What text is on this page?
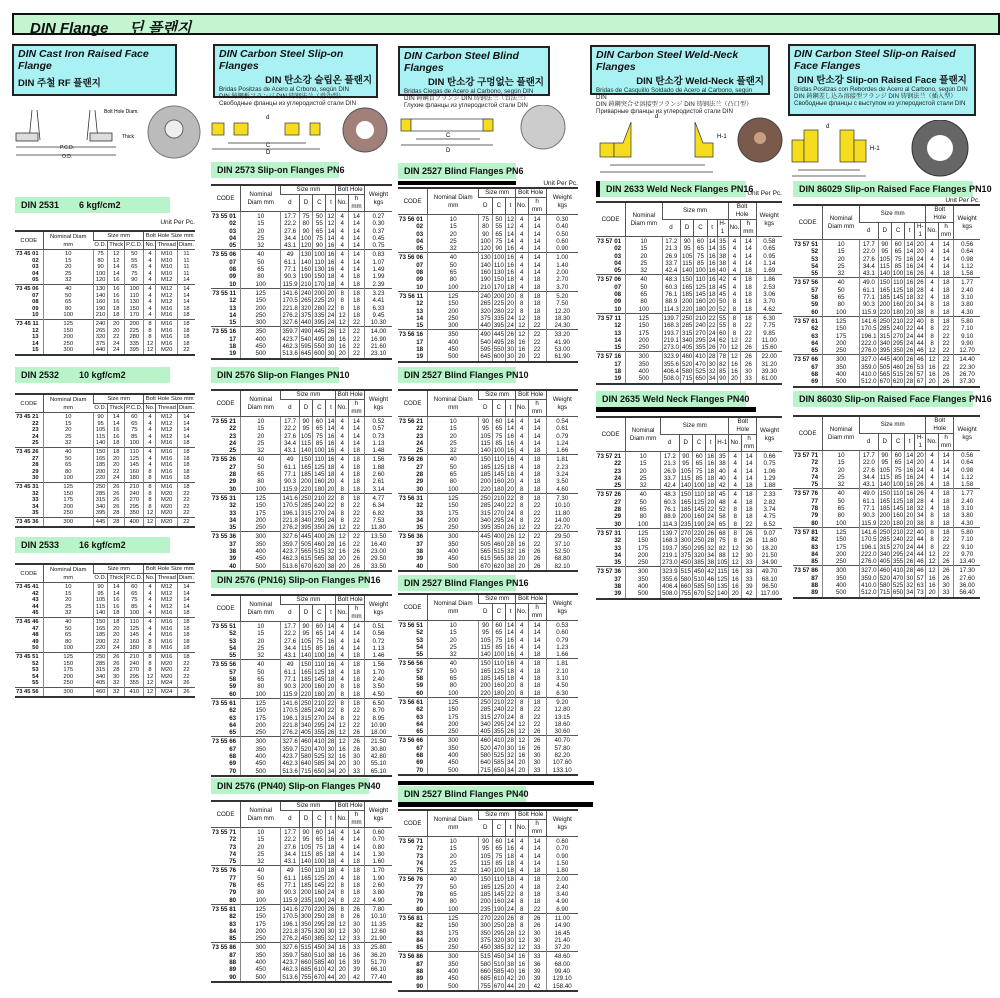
DIN Flange     딘 플랜지
DIN Cast Iron Raised Face Flange
DIN 주철 RF 플랜지
DIN Carbon Steel Slip-on Flanges
DIN 탄소강 슬립온 플랜지
Bridas Positzas de Acero al Crbono, según DIN
DIN 鋳鋼板フランジ DIN 铸钢法兰（滑动型）
Свободные фланцы из углеродистой стали DIN
DIN Carbon Steel Blind Flanges
DIN 탄소강 구멍없는 플랜지
Bridas Ciegas de Acero al Carbono, según DIN
DIN 鋳鋼盲フランジ DIN 铸钢法兰（盲法兰）
Глухие фланцы из углеродистой стали DIN
DIN Carbon Steel Weld-Neck Flanges
DIN 탄소강 Weld-Neck 플랜지
Bridas de Casquillo Soldado de Acero al Carbono, según DIN
DIN 鋳鋼突合せ溶接型フランジ DIN 铸钢法兰（凸口型）
Приварные фланцы из углеродистой стали DIN
DIN Carbon Steel Slip-on Raised Face Flanges
DIN 탄소강 Slip-on Raised Face 플랜지
Bridas Positzas con Rebordes de Acero al Carbono, según DIN
DIN 鋳鋼差し込み溶接型フランジ DIN 铸钢法兰（插入型）
Свободные фланцы с выступом из углеродистой стали DIN
Bolt Hole Diam.
Thick
P.C.D.
O.D.
C
D
d
C
D
d
H-1
d
H-1
DIN 2531 6 kgf/cm2
Unit Per Pc.
CODE	Nominal Diam mm	Size mm			Bolt Hole Size mm		
		O.D.	Thick	P.C.D.	No.	Thread	Diam.
73 45 01	10	75	12	50	4	M10	11
02	15	80	12	55	4	M10	11
03	20	90	14	65	4	M10	11
04	25	100	14	75	4	M10	11
05	32	120	16	90	4	M12	14
73 45 06	40	130	16	100	4	M12	14
07	50	140	16	110	4	M12	14
08	65	160	16	130	4	M12	14
09	80	190	18	150	4	M16	18
10	100	210	18	170	4	M16	18
73 45 11	125	240	20	200	8	M16	18
12	150	265	20	225	8	M16	18
13	200	320	22	280	8	M16	18
14	250	375	24	335	12	M16	18
15	300	440	24	395	12	M20	22
DIN 2532 10 kgf/cm2
CODE	Nominal Diam mm	Size mm			Bolt Hole Size mm		
		O.D.	Thick	P.C.D.	No.	Thread	Diam.
73 45 21	10	90	14	60	4	M12	14
22	15	95	14	65	4	M12	14
23	20	105	16	75	4	M12	14
24	25	115	16	85	4	M12	14
25	32	140	18	100	4	M16	18
73 45 26	40	150	18	110	4	M16	18
27	50	165	20	125	4	M16	18
28	65	185	20	145	4	M16	18
29	80	200	22	160	8	M16	18
30	100	220	24	180	8	M16	18
73 45 31	125	250	26	210	8	M16	18
32	150	285	26	240	8	M20	22
33	175	315	26	270	8	M20	22
34	200	340	26	295	8	M20	22
35	250	395	28	350	12	M20	22
73 45 36	300	445	28	400	12	M20	22
DIN 2533 16 kgf/cm2
CODE	Nominal Diam mm	Size mm			Bolt Hole Size mm		
		O.D.	Thick	P.C.D.	No.	Thread	Diam.
73 45 41	10	90	14	60	4	M12	14
42	15	95	14	65	4	M12	14
43	20	105	16	75	4	M12	14
44	25	115	16	85	4	M12	14
45	32	140	18	100	4	M16	18
73 45 46	40	150	18	110	4	M16	18
47	50	165	20	125	4	M16	18
48	65	185	20	145	4	M16	18
49	80	200	22	160	8	M16	18
50	100	220	24	180	8	M16	18
73 45 51	125	250	26	210	8	M16	18
52	150	285	26	240	8	M20	22
53	175	315	28	270	8	M20	22
54	200	340	30	295	12	M20	22
55	250	405	32	355	12	M24	26
73 45 56	300	460	32	410	12	M24	26
DIN 2573 Slip-on Flanges PN6
CODE	Nominal Diam mm	Size mm				Bolt Hole		Weight kgs
		d	D	C	t	No.	h mm	
73 55 01	10	17.7	75	50	12	4	14	0.27
02	15	22.2	80	55	12	4	14	0.30
03	20	27.6	90	65	14	4	14	0.37
04	25	34.4	100	75	14	4	14	0.45
05	32	43.1	120	90	16	4	14	0.75
73 55 06	40	49	130	100	16	4	14	0.83
07	50	61.1	140	110	16	4	14	1.07
08	65	77.1	160	130	16	4	14	1.49
09	80	90.3	190	150	18	4	18	1.99
10	100	115.9	210	170	18	4	18	2.39
73 55 11	125	141.6	240	200	20	8	18	3.23
12	150	170.5	265	225	20	8	18	4.41
13	200	221.8	320	280	22	8	18	6.33
14	250	276.2	375	335	24	12	18	9.45
15	300	327.6	440	395	24	12	22	10.30
73 55 16	350	359.7	490	445	26	12	22	14.00
17	400	423.7	540	495	28	16	22	16.90
18	450	462.3	595	550	30	16	22	21.60
19	500	513.6	645	600	30	20	22	23.10
DIN 2576 Slip-on Flanges PN10
CODE	Nominal Diam mm	Size mm				Bolt Hole		Weight kgs
		d	D	C	t	No.	h mm	
73 55 21	10	17.7	90	60	14	4	14	0.52
22	15	22.2	95	65	14	4	14	0.57
23	20	27.6	105	75	16	4	14	0.73
24	25	34.4	115	85	16	4	14	1.13
25	32	43.1	140	100	16	4	18	1.48
73 55 26	40	49	150	110	16	4	18	1.56
27	50	61.1	165	125	18	4	18	1.88
28	65	77.1	185	145	18	4	18	2.60
29	80	90.3	200	160	20	4	18	2.61
30	100	115.9	220	180	20	8	18	3.14
73 55 31	125	141.6	250	210	22	8	18	4.77
32	150	170.5	285	240	22	8	22	6.34
33	175	196.1	315	270	24	8	22	6.82
34	200	221.8	340	295	24	8	22	7.53
35	250	276.2	395	350	26	12	22	11.80
73 55 36	300	327.6	445	400	26	12	22	13.50
37	350	359.7	505	460	28	16	22	16.40
38	400	423.7	565	515	32	16	26	23.00
39	450	462.3	615	565	38	20	26	29.50
40	500	513.6	670	620	38	20	26	33.50
DIN 2576 (PN16) Slip-on Flanges PN16
CODE	Nominal Diam mm	Size mm				Bolt Hole		Weight kgs
		d	D	C	t	No.	h mm	
73 55 51	10	17.7	90	60	14	4	14	0.51
52	15	22.2	95	65	14	4	14	0.56
53	20	27.6	105	75	16	4	14	0.72
54	25	34.4	115	85	16	4	14	1.13
55	32	43.1	140	100	16	4	18	1.46
73 55 56	40	49	150	110	16	4	18	1.56
57	50	61.1	165	125	18	4	18	1.70
58	65	77.1	185	145	18	4	18	2.40
59	80	90.3	200	160	20	8	18	3.50
60	100	115.9	220	180	20	8	18	4.50
73 55 61	125	141.6	250	210	22	8	18	6.50
62	150	170.5	285	240	22	8	22	8.70
63	175	196.1	315	270	24	8	22	8.95
64	200	221.8	340	295	24	12	22	10.90
65	250	276.2	405	355	26	12	26	18.00
73 55 66	300	327.6	460	410	28	12	26	21.50
67	350	359.7	520	470	30	16	26	30.80
68	400	423.7	580	525	32	16	30	42.80
69	450	462.3	640	585	34	20	30	55.10
70	500	513.6	715	650	34	20	33	65.10
DIN 2576 (PN40) Slip-on Flanges PN40
CODE	Nominal Diam mm	Size mm				Bolt Hole		Weight kgs
		d	D	C	t	No.	h mm	
73 55 71	10	17.7	90	60	14	4	14	0.60
72	15	22.2	95	65	16	4	14	0.70
73	20	27.6	105	75	18	4	14	0.80
74	25	34.4	115	85	18	4	14	1.30
75	32	43.1	140	100	18	4	18	1.60
73 55 76	40	49	150	110	18	4	18	1.70
77	50	61.1	165	125	20	4	18	1.90
78	65	77.1	185	145	22	8	18	2.60
79	80	90.3	200	160	24	8	18	3.80
80	100	115.9	235	190	24	8	22	4.90
73 55 81	125	141.6	270	220	26	8	26	7.80
82	150	170.5	300	250	28	8	26	10.10
83	175	196.1	350	295	28	12	30	11.35
84	200	221.8	375	320	30	12	30	12.60
85	250	276.2	450	385	32	12	33	21.90
73 55 86	300	327.6	515	450	34	16	33	25.80
87	350	359.7	580	510	38	16	36	36.20
88	400	423.7	660	585	40	16	39	51.70
89	450	462.3	685	610	42	20	39	66.10
90	500	513.6	755	670	44	20	42	77.40
DIN 2527 Blind Flanges PN6
Unit Per Pc.
CODE	Nominal Diam mm	Size mm			Bolt Hole		Weight kgs
		D	C	t	No.	h mm	
73 56 01	10	75	50	12	4	14	0.30
02	15	80	55	12	4	14	0.40
03	20	90	65	14	4	14	0.50
04	25	100	75	14	4	14	0.60
05	32	120	90	16	4	14	0.90
73 56 06	40	130	100	16	4	14	1.00
07	50	140	110	16	4	14	1.40
08	65	160	130	16	4	14	2.00
09	80	190	150	18	4	18	2.70
10	100	210	170	18	4	18	3.70
73 56 11	125	240	200	20	8	18	5.20
12	150	265	225	20	8	18	7.50
13	200	320	280	22	8	18	12.20
14	250	375	335	24	12	18	18.30
15	300	440	395	24	12	22	24.30
73 56 16	350	490	445	26	12	22	33.20
17	400	540	495	28	16	22	41.90
18	450	595	550	30	16	22	53.00
19	500	645	600	30	20	22	61.90
DIN 2527 Blind Flanges PN10
CODE	Nominal Diam mm	Size mm			Bolt Hole		Weight kgs
		D	C	t	No.	h mm	
73 56 21	10	90	60	14	4	14	0.54
22	15	95	65	14	4	14	0.61
23	20	105	75	16	4	14	0.79
24	25	115	85	16	4	14	1.24
25	32	140	100	16	4	18	1.66
73 56 26	40	150	110	16	4	18	1.81
27	50	165	125	18	4	18	2.23
28	65	185	145	18	4	18	3.24
29	80	200	160	20	4	18	3.50
30	100	220	180	20	8	18	4.60
73 56 31	125	250	210	22	8	18	7.30
32	150	285	240	22	8	22	10.10
33	175	315	270	24	8	22	11.80
34	200	340	295	24	8	22	14.00
35	250	395	350	26	12	22	22.70
73 56 36	300	445	400	26	12	22	29.50
37	350	505	460	28	16	22	37.10
38	400	565	515	32	16	26	52.50
39	450	615	565	38	20	26	68.80
40	500	670	620	38	20	26	82.10
DIN 2527 Blind Flanges PN16
CODE	Nominal Diam mm	Size mm			Bolt Hole		Weight kgs
		D	C	t	No.	h mm	
73 56 51	10	90	60	14	4	14	0.53
52	15	95	65	14	4	14	0.60
53	20	105	75	16	4	14	0.79
54	25	115	85	16	4	14	1.23
55	32	140	100	16	4	18	1.66
73 56 56	40	150	110	16	4	18	1.81
57	50	165	125	18	4	18	2.10
58	65	185	145	18	4	18	3.10
59	80	200	160	20	8	18	4.50
60	100	220	180	20	8	18	6.30
73 56 61	125	250	210	22	8	18	9.20
62	150	285	240	22	8	22	12.80
63	175	315	270	24	8	22	13.15
64	200	340	295	24	12	22	18.60
65	250	405	355	26	12	26	30.60
73 56 66	300	460	410	28	12	26	40.70
67	350	520	470	30	16	26	57.80
68	400	580	525	32	16	30	82.20
69	450	640	585	34	20	30	107.60
70	500	715	650	34	20	33	133.10
DIN 2527 Blind Flanges PN40
CODE	Nominal Diam mm	Size mm			Bolt Hole		Weight kgs
		D	C	t	No.	h mm	
73 56 71	10	90	60	14	4	14	0.60
72	15	95	65	16	4	14	0.70
73	20	105	75	18	4	14	0.90
74	25	115	85	18	4	14	1.50
75	32	140	100	18	4	18	1.80
73 56 76	40	150	110	18	4	18	2.00
77	50	165	125	20	4	18	2.40
78	65	185	145	22	8	18	3.40
79	80	200	160	24	8	18	4.90
80	100	235	190	24	8	22	6.90
73 56 81	125	270	220	26	8	26	11.00
82	150	300	250	28	8	26	14.90
83	175	350	295	28	12	30	16.45
84	200	375	320	30	12	30	21.40
85	250	450	385	32	12	33	37.20
73 56 86	300	515	450	34	16	33	48.60
87	350	580	510	38	16	36	68.00
88	400	660	585	40	16	39	99.40
89	450	685	610	42	20	39	129.10
90	500	755	670	44	20	42	158.40
DIN 2633 Weld Neck Flanges PN16
Unit Per Pc.
CODE	Nominal Diam mm	Size mm					Bolt Hole		Weight kgs
		d	D	C	t	H-1	No.	h mm	
73 57 01	10	17.2	90	60	14	35	4	14	0.58
02	15	21.3	95	65	14	35	4	14	0.65
03	20	26.9	105	75	16	38	4	14	0.95
04	25	33.7	115	85	16	38	4	14	1.14
05	32	42.4	140	100	16	40	4	18	1.69
73 57 06	40	48.3	150	110	16	42	4	18	1.86
07	50	60.3	165	125	18	45	4	18	2.53
08	65	76.1	185	145	18	45	4	18	3.06
09	80	88.9	200	160	20	50	8	18	3.70
10	100	114.3	220	180	20	52	8	18	4.62
73 57 11	125	139.7	250	210	22	55	8	18	6.30
12	150	168.3	285	240	22	55	8	22	7.75
13	175	193.7	315	270	24	60	8	22	9.85
14	200	219.1	340	295	24	62	12	22	11.00
15	250	273.0	405	355	26	70	12	26	15.60
73 57 16	300	323.9	460	410	28	78	12	26	22.00
17	350	355.6	520	470	30	82	16	26	31.20
18	400	406.4	580	525	32	85	16	30	39.30
19	500	508.0	715	650	34	90	20	33	61.00
DIN 2635 Weld Neck Flanges PN40
CODE	Nominal Diam mm	Size mm					Bolt Hole		Weight kgs
		d	D	C	t	H-1	No.	h mm	
73 57 21	10	17.2	90	60	16	35	4	14	0.66
22	15	21.3	95	65	16	38	4	14	0.75
23	20	26.9	105	75	18	40	4	14	1.06
24	25	33.7	115	85	18	40	4	14	1.29
25	32	42.4	140	100	18	42	4	18	1.88
73 57 26	40	48.3	150	110	18	45	4	18	2.33
27	50	60.3	165	125	20	48	4	18	2.82
28	65	76.1	185	145	22	52	8	18	3.74
29	80	88.9	200	160	24	58	8	18	4.75
30	100	114.3	235	190	24	65	8	22	6.52
73 57 31	125	139.7	270	220	26	68	8	26	9.07
32	150	168.3	300	250	28	75	8	26	11.80
33	175	193.7	350	295	32	82	12	30	18.20
34	200	219.1	375	320	34	88	12	30	21.50
35	250	273.0	450	385	38	105	12	33	34.90
73 57 36	300	323.9	515	450	42	115	16	33	49.70
37	350	355.6	580	510	46	125	16	33	68.10
38	400	406.4	660	585	50	135	16	39	96.50
39	500	508.0	755	670	52	140	20	42	117.00
DIN 86029 Slip-on Raised Face Flanges PN10
Unit Per Pc.
CODE	Nominal Diam mm	Size mm					Bolt Hole		Weight kgs
		d	D	C	t	H-1	No.	h mm	
73 57 51	10	17.7	90	60	14	20	4	14	0.56
52	15	22.0	95	65	14	20	4	14	0.64
53	20	27.6	105	75	16	24	4	14	0.98
54	25	34.4	115	85	16	24	4	14	1.12
55	32	43.1	140	100	16	26	4	18	1.58
73 57 56	40	49.0	150	110	16	26	4	18	1.77
57	50	61.1	165	125	18	28	4	18	2.40
58	65	77.1	185	145	18	32	4	18	3.10
59	80	90.3	200	160	20	34	8	18	3.80
60	100	115.9	220	180	20	38	8	18	4.30
73 57 61	125	141.6	250	210	22	40	8	18	5.80
62	150	170.5	285	240	22	44	8	22	7.10
63	175	196.1	315	270	24	44	8	22	9.10
64	200	222.0	340	295	24	44	8	22	9.90
65	250	276.0	395	350	26	46	12	22	12.70
73 57 66	300	327.0	445	400	26	46	12	22	14.40
67	350	359.0	505	460	26	53	16	22	22.30
68	400	410.0	565	515	26	57	16	26	26.70
69	500	512.0	670	620	28	67	20	26	37.30
DIN 86030 Slip-on Raised Face Flanges PN16
CODE	Nominal Diam mm	Size mm					Bolt Hole		Weight kgs
		d	D	C	t	H-1	No.	h mm	
73 57 71	10	17.7	90	60	14	20	4	14	0.56
72	15	22.0	95	65	14	20	4	14	0.64
73	20	27.6	105	75	16	24	4	14	0.98
74	25	34.4	115	85	16	24	4	14	1.12
75	32	43.1	140	100	16	26	4	18	1.58
73 57 76	40	49.0	150	110	16	26	4	18	1.77
77	50	61.1	165	125	18	28	4	18	2.40
78	65	77.1	185	145	18	32	4	18	3.10
79	80	90.3	200	160	20	34	8	18	3.80
80	100	115.9	220	180	20	38	8	18	4.30
73 57 81	125	141.6	250	210	22	40	8	18	5.80
82	150	170.5	285	240	22	44	8	22	7.10
83	175	196.1	315	270	24	44	8	22	9.10
84	200	222.0	340	295	24	44	12	22	9.70
85	250	276.0	405	355	26	46	12	26	13.40
73 57 86	300	327.0	460	410	28	46	12	26	17.30
87	350	359.0	520	470	30	57	16	26	27.60
88	400	410.0	580	525	32	63	16	30	36.00
89	500	512.0	715	650	34	73	20	33	56.40
